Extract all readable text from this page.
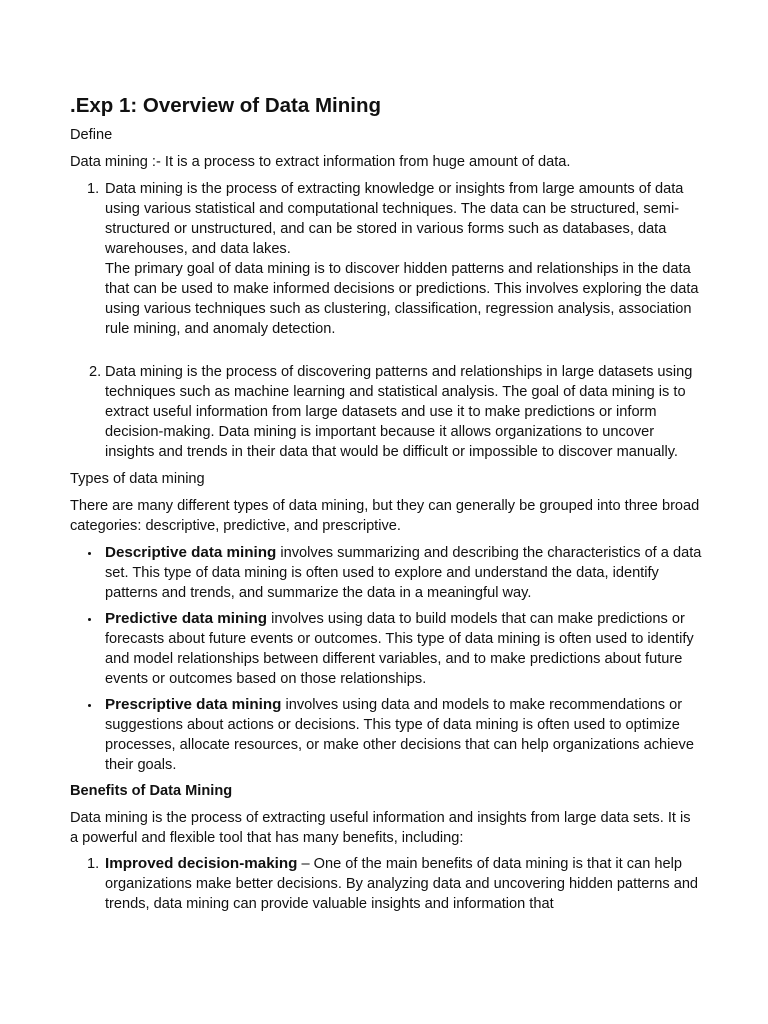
.Exp 1: Overview of Data Mining

Define

Data mining :- It is a process to extract information from huge amount of data.

1. Data mining is the process of extracting knowledge or insights from large amounts of data using various statistical and computational techniques. The data can be structured, semi-structured or unstructured, and can be stored in various forms such as databases, data warehouses, and data lakes.
The primary goal of data mining is to discover hidden patterns and relationships in the data that can be used to make informed decisions or predictions. This involves exploring the data using various techniques such as clustering, classification, regression analysis, association rule mining, and anomaly detection.
2. Data mining is the process of discovering patterns and relationships in large datasets using techniques such as machine learning and statistical analysis. The goal of data mining is to extract useful information from large datasets and use it to make predictions or inform decision-making. Data mining is important because it allows organizations to uncover insights and trends in their data that would be difficult or impossible to discover manually.

Types of data mining

There are many different types of data mining, but they can generally be grouped into three broad categories: descriptive, predictive, and prescriptive.

Descriptive data mining involves summarizing and describing the characteristics of a data set. This type of data mining is often used to explore and understand the data, identify patterns and trends, and summarize the data in a meaningful way.
Predictive data mining involves using data to build models that can make predictions or forecasts about future events or outcomes. This type of data mining is often used to identify and model relationships between different variables, and to make predictions about future events or outcomes based on those relationships.
Prescriptive data mining involves using data and models to make recommendations or suggestions about actions or decisions. This type of data mining is often used to optimize processes, allocate resources, or make other decisions that can help organizations achieve their goals.

Benefits of Data Mining

Data mining is the process of extracting useful information and insights from large data sets. It is a powerful and flexible tool that has many benefits, including:

1. Improved decision-making – One of the main benefits of data mining is that it can help organizations make better decisions. By analyzing data and uncovering hidden patterns and trends, data mining can provide valuable insights and information that
